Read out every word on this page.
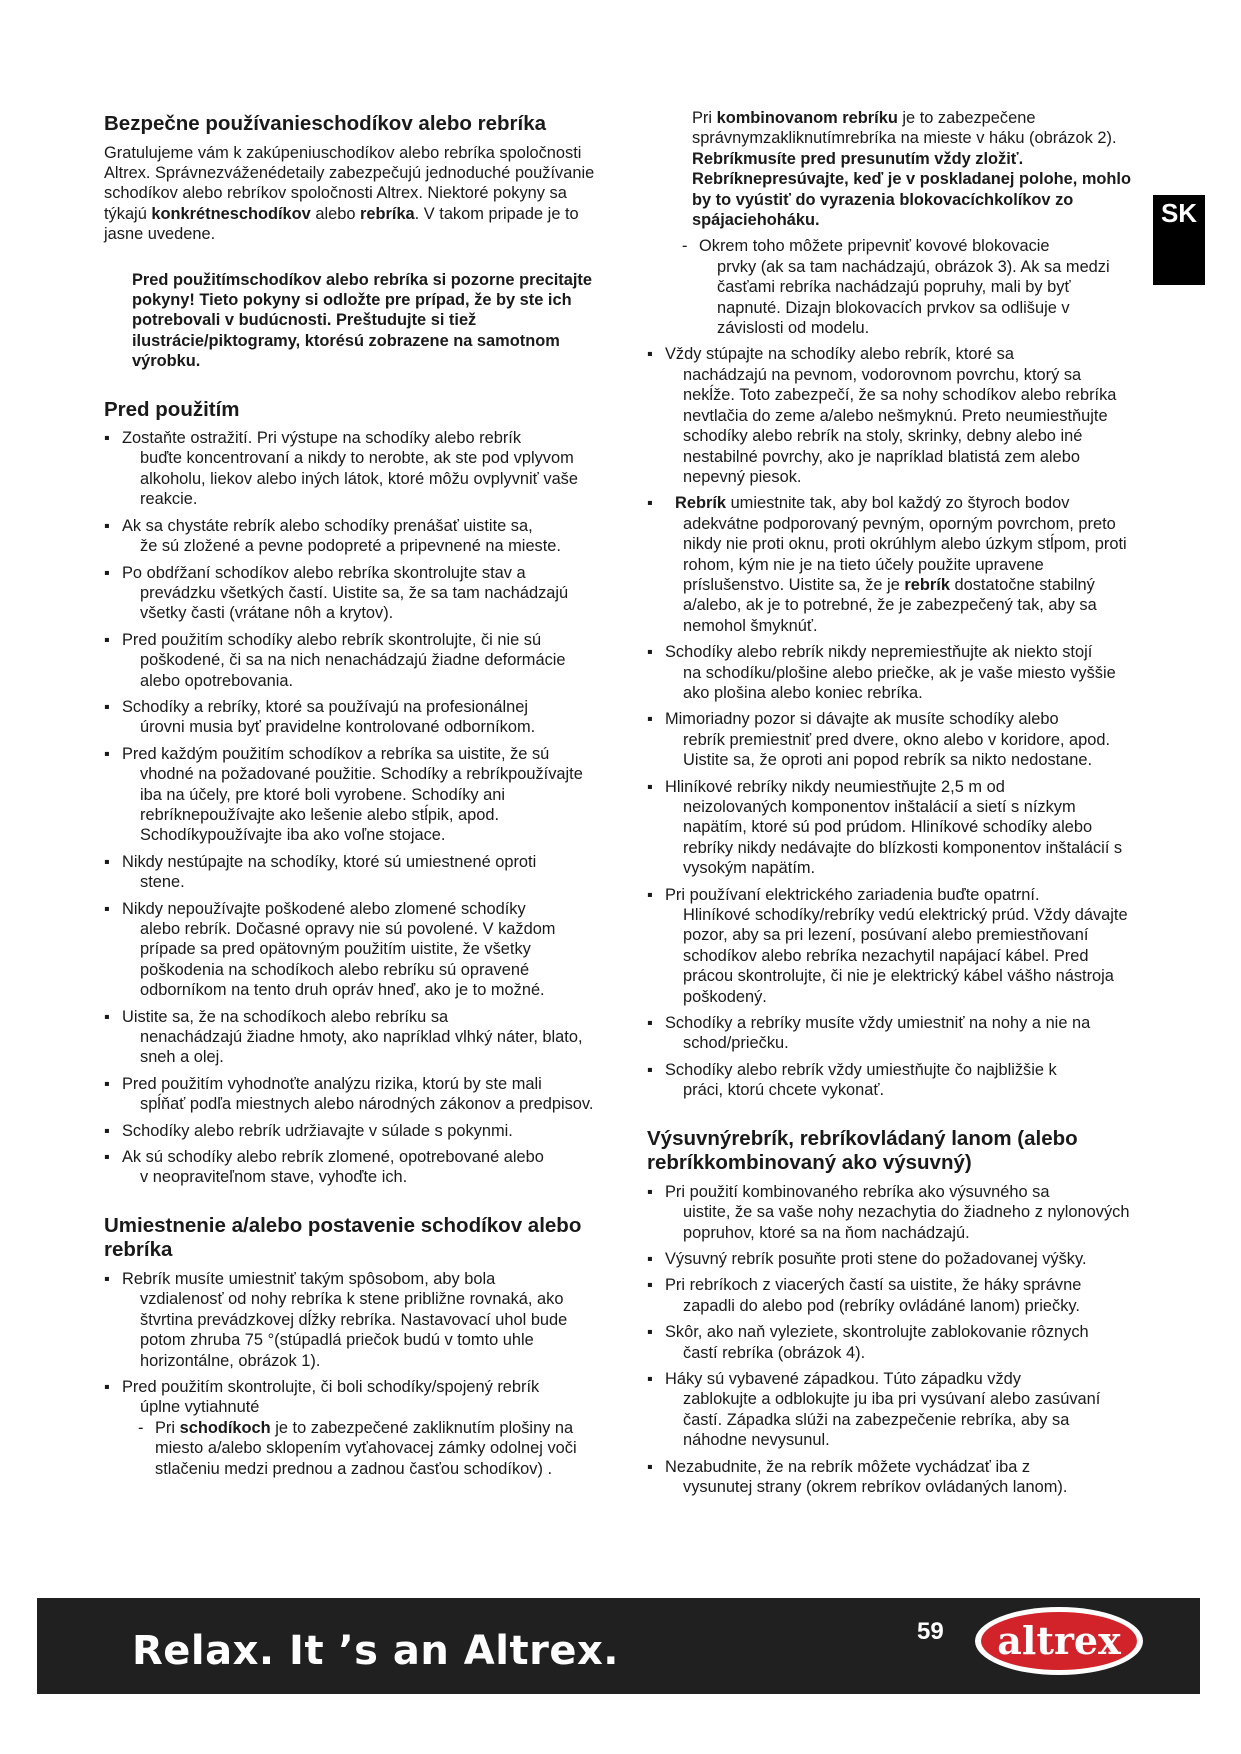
SK
Bezpečne používanieschodíkov alebo rebríka

Gratulujeme vám k zakúpeniuschodíkov alebo rebríka spoločnosti Altrex. Správnezváženédetaily zabezpečujú jednoduché používanie schodíkov alebo rebríkov spoločnosti Altrex. Niektoré pokyny sa týkajú konkrétneschodíkov alebo rebríka. V takom pripade je to jasne uvedene.

Pred použitímschodíkov alebo rebríka si pozorne precitajte pokyny! Tieto pokyny si odložte pre prípad, že by ste ich potrebovali v budúcnosti. Preštudujte si tiež ilustrácie/piktogramy, ktorésú zobrazene na samotnom výrobku.

Pred použitím
▪ Zostaňte ostražití. Pri výstupe na schodíky alebo rebrík
buďte koncentrovaní a nikdy to nerobte, ak ste pod vplyvom alkoholu, liekov alebo iných látok, ktoré môžu ovplyvniť vaše reakcie.
▪ Ak sa chystáte rebrík alebo schodíky prenášať uistite sa,
že sú zložené a pevne podopreté a pripevnené na mieste.
▪ Po obdŕžaní schodíkov alebo rebríka skontrolujte stav a
prevádzku všetkých častí. Uistite sa, že sa tam nachádzajú všetky časti (vrátane nôh a krytov).
▪ Pred použitím schodíky alebo rebrík skontrolujte, či nie sú
poškodené, či sa na nich nenachádzajú žiadne deformácie alebo opotrebovania.
▪ Schodíky a rebríky, ktoré sa používajú na profesionálnej
úrovni musia byť pravidelne kontrolované odborníkom.
▪ Pred každým použitím schodíkov a rebríka sa uistite, že sú
vhodné na požadované použitie. Schodíky a rebríkpoužívajte iba na účely, pre ktoré boli vyrobene. Schodíky ani rebríknepoužívajte ako lešenie alebo stĺpik, apod. Schodíkypoužívajte iba ako voľne stojace.
▪ Nikdy nestúpajte na schodíky, ktoré sú umiestnené oproti
stene.
▪ Nikdy nepoužívajte poškodené alebo zlomené schodíky
alebo rebrík. Dočasné opravy nie sú povolené. V každom prípade sa pred opätovným použitím uistite, že všetky poškodenia na schodíkoch alebo rebríku sú opravené odborníkom na tento druh opráv hneď, ako je to možné.
▪ Uistite sa, že na schodíkoch alebo rebríku sa
nenachádzajú žiadne hmoty, ako napríklad vlhký náter, blato, sneh a olej.
▪ Pred použitím vyhodnoťte analýzu rizika, ktorú by ste mali
spĺňať podľa miestnych alebo národných zákonov a predpisov.
▪ Schodíky alebo rebrík udržiavajte v súlade s pokynmi.
▪ Ak sú schodíky alebo rebrík zlomené, opotrebované alebo
v neopraviteľnom stave, vyhoďte ich.
Umiestnenie a/alebo postavenie schodíkov alebo rebríka
▪ Rebrík musíte umiestniť takým spôsobom, aby bola
vzdialenosť od nohy rebríka k stene približne rovnaká, ako štvrtina prevádzkovej dĺžky rebríka. Nastavovací uhol bude potom zhruba 75 °(stúpadlá priečok budú v tomto uhle horizontálne, obrázok 1).
▪ Pred použitím skontrolujte, či boli schodíky/spojený rebrík
úplne vytiahnuté
- Pri schodíkoch je to zabezpečené zakliknutím plošiny na miesto a/alebo sklopením vyťahovacej zámky odolnej voči stlačeniu medzi prednou a zadnou časťou schodíkov) .

Pri kombinovanom rebríku je to zabezpečene správnymzakliknutímrebríka na mieste v háku (obrázok 2). Rebríkmusíte pred presunutím vždy zložiť. Rebríknepresúvajte, keď je v poskladanej polohe, mohlo by to vyústiť do vyrazenia blokovacíchkolíkov zo spájaciehoháku.

- Okrem toho môžete pripevniť kovové blokovacie
prvky (ak sa tam nachádzajú, obrázok 3). Ak sa medzi časťami rebríka nachádzajú popruhy, mali by byť napnuté. Dizajn blokovacích prvkov sa odlišuje v závislosti od modelu.
▪ Vždy stúpajte na schodíky alebo rebrík, ktoré sa
nachádzajú na pevnom, vodorovnom povrchu, ktorý sa nekĺže. Toto zabezpečí, že sa nohy schodíkov alebo rebríka nevtlačia do zeme a/alebo nešmyknú. Preto neumiestňujte schodíky alebo rebrík na stoly, skrinky, debny alebo iné nestabilné povrchy, ako je napríklad blatistá zem alebo nepevný piesok.
▪ Rebrík umiestnite tak, aby bol každý zo štyroch bodov
adekvátne podporovaný pevným, oporným povrchom, preto nikdy nie proti oknu, proti okrúhlym alebo úzkym stĺpom, proti rohom, kým nie je na tieto účely použite upravene príslušenstvo. Uistite sa, že je rebrík dostatočne stabilný a/alebo, ak je to potrebné, že je zabezpečený tak, aby sa nemohol šmyknúť.
▪ Schodíky alebo rebrík nikdy nepremiestňujte ak niekto stojí
na schodíku/plošine alebo priečke, ak je vaše miesto vyššie ako plošina alebo koniec rebríka.
▪ Mimoriadny pozor si dávajte ak musíte schodíky alebo
rebrík premiestniť pred dvere, okno alebo v koridore, apod. Uistite sa, že oproti ani popod rebrík sa nikto nedostane.
▪ Hliníkové rebríky nikdy neumiestňujte 2,5 m od
neizolovaných komponentov inštalácií a sietí s nízkym napätím, ktoré sú pod prúdom. Hliníkové schodíky alebo rebríky nikdy nedávajte do blízkosti komponentov inštalácií s vysokým napätím.
▪ Pri používaní elektrického zariadenia buďte opatrní.
Hliníkové schodíky/rebríky vedú elektrický prúd. Vždy dávajte pozor, aby sa pri lezení, posúvaní alebo premiestňovaní schodíkov alebo rebríka nezachytil napájací kábel. Pred prácou skontrolujte, či nie je elektrický kábel vášho nástroja poškodený.
▪ Schodíky a rebríky musíte vždy umiestniť na nohy a nie na
schod/priečku.
▪ Schodíky alebo rebrík vždy umiestňujte čo najbližšie k
práci, ktorú chcete vykonať.
Výsuvnýrebrík, rebríkovládaný lanom (alebo rebríkkombinovaný ako výsuvný)
▪ Pri použití kombinovaného rebríka ako výsuvného sa
uistite, že sa vaše nohy nezachytia do žiadneho z nylonových popruhov, ktoré sa na ňom nachádzajú.
▪ Výsuvný rebrík posuňte proti stene do požadovanej výšky.
▪ Pri rebríkoch z viacerých častí sa uistite, že háky správne
zapadli do alebo pod (rebríky ovládáné lanom) priečky.
▪ Skôr, ako naň vyleziete, skontrolujte zablokovanie rôznych
častí rebríka (obrázok 4).
▪ Háky sú vybavené západkou. Túto západku vždy
zablokujte a odblokujte ju iba pri vysúvaní alebo zasúvaní častí. Západka slúži na zabezpečenie rebríka, aby sa náhodne nevysunul.
▪ Nezabudnite, že na rebrík môžete vychádzať iba z
vysunutej strany (okrem rebríkov ovládaných lanom).
Relax. It ’s an Altrex.	59 altrex
